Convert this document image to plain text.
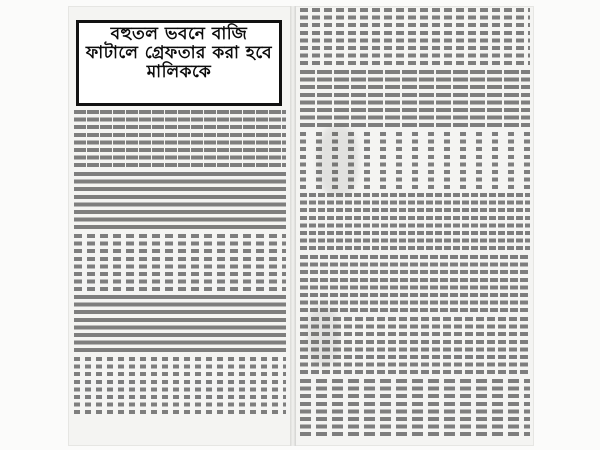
বহুতল ভবনে বাজি ফাটালে গ্রেফতার করা হবে মালিককে
